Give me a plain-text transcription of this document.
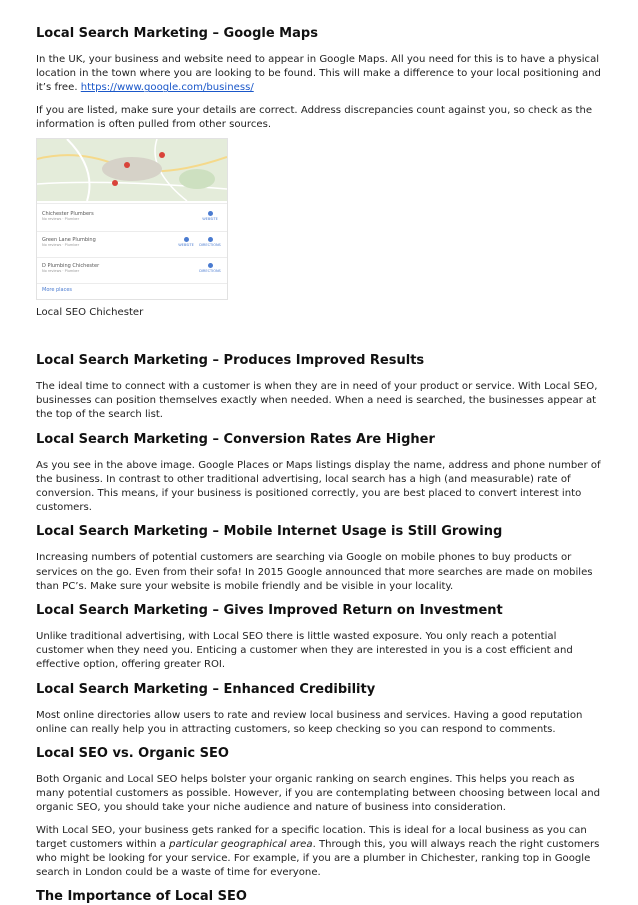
Local Search Marketing – Google Maps

In the UK, your business and website need to appear in Google Maps. All you need for this is to have a physical location in the town where you are looking to be found. This will make a difference to your local positioning and it’s free. https://www.google.com/business/

If you are listed, make sure your details are correct. Address discrepancies count against you, so check as the information is often pulled from other sources.

Chichester Plumbers
No reviews · Plumber	WEBSITE
Green Lane Plumbing
No reviews · Plumber	WEBSITE	DIRECTIONS
D Plumbing Chichester
No reviews · Plumber	DIRECTIONS
More places
Local SEO Chichester
Local Search Marketing – Produces Improved Results

The ideal time to connect with a customer is when they are in need of your product or service. With Local SEO, businesses can position themselves exactly when needed. When a need is searched, the businesses appear at the top of the search list.

Local Search Marketing – Conversion Rates Are Higher

As you see in the above image. Google Places or Maps listings display the name, address and phone number of the business. In contrast to other traditional advertising, local search has a high (and measurable) rate of conversion. This means, if your business is positioned correctly, you are best placed to convert interest into customers.

Local Search Marketing – Mobile Internet Usage is Still Growing

Increasing numbers of potential customers are searching via Google on mobile phones to buy products or services on the go. Even from their sofa! In 2015 Google announced that more searches are made on mobiles than PC’s. Make sure your website is mobile friendly and be visible in your locality.

Local Search Marketing – Gives Improved Return on Investment

Unlike traditional advertising, with Local SEO there is little wasted exposure. You only reach a potential customer when they need you. Enticing a customer when they are interested in you is a cost efficient and effective option, offering greater ROI.

Local Search Marketing – Enhanced Credibility

Most online directories allow users to rate and review local business and services. Having a good reputation online can really help you in attracting customers, so keep checking so you can respond to comments.

Local SEO vs. Organic SEO

Both Organic and Local SEO helps bolster your organic ranking on search engines. This helps you reach as many potential customers as possible. However, if you are contemplating between choosing between local and organic SEO, you should take your niche audience and nature of business into consideration.

With Local SEO, your business gets ranked for a specific location. This is ideal for a local business as you can target customers within a particular geographical area. Through this, you will always reach the right customers who might be looking for your service. For example, if you are a plumber in Chichester, ranking top in Google search in London could be a waste of time for everyone.

The Importance of Local SEO
